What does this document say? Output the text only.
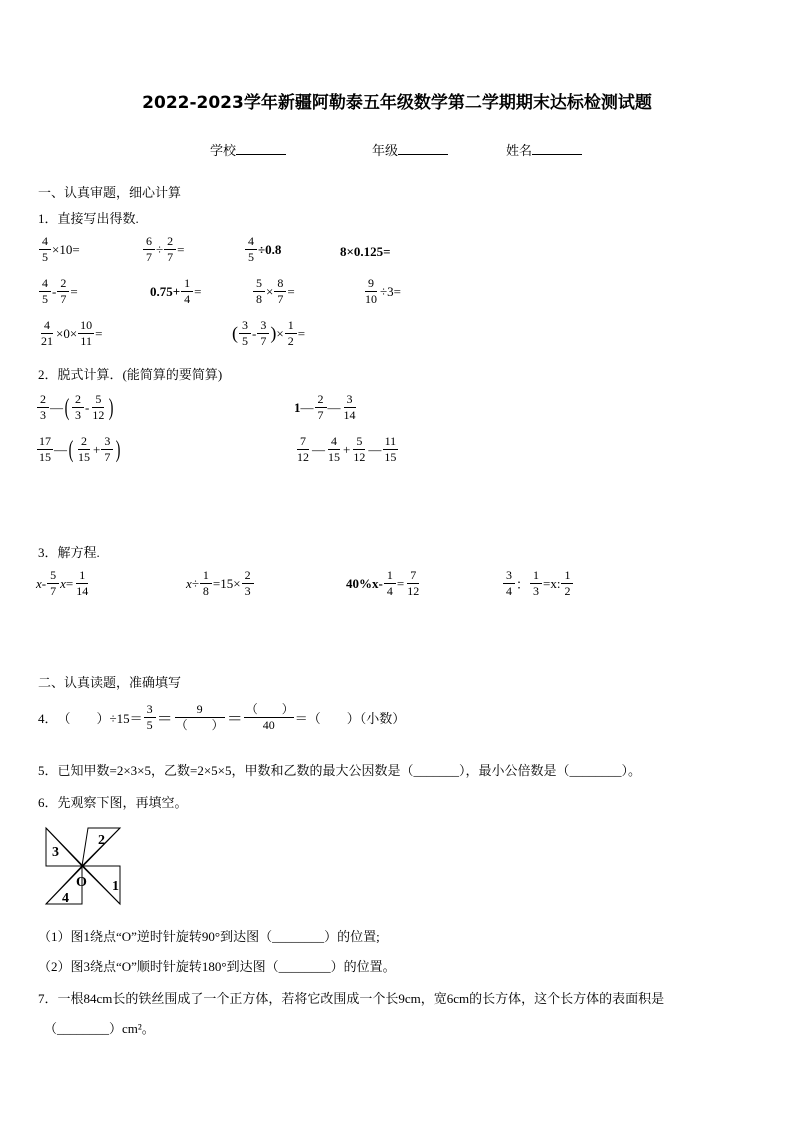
2022-2023学年新疆阿勒泰五年级数学第二学期期末达标检测试题
学校	年级	姓名
一、认真审题，细心计算
1．直接写出得数.
$\frac{4}{5} \times 10=$	$\frac{6}{7} \div \frac{2}{7}$ =	$\frac{4}{5} \div 0.8$	8×0.125=
$\frac{4}{5} - \frac{2}{7}$ =	$0.75+ \frac{1}{4}$ =	$\frac{5}{8} \times \frac{8}{7}$ =	$\frac{9}{10} \div 3=$
$\frac{4}{21} \times 0\times \frac{10}{11}$ =	( $\frac{3}{5} - \frac{3}{7}$ ) × $\frac{1}{2}$ =
2．脱式计算．(能简算的要简算)
$\frac{2}{3}$ — ( $\frac{2}{3} - \frac{5}{12}$ )	1 — $\frac{2}{7}$ — $\frac{3}{14}$
$\frac{17}{15}$ — ( $\frac{2}{15} + \frac{3}{7}$ )	$\frac{7}{12}$ — $\frac{4}{15} + \frac{5}{12}$ — $\frac{11}{15}$
3．解方程.
$x- \frac{5}{7}$ $x = \frac{1}{14}$	$x\div \frac{1}{8} =15\times \frac{2}{3}$	$40\%x- \frac{1}{4} = \frac{7}{12}$	$\frac{3}{4}$ ： $\frac{1}{3} =x$: $\frac{1}{2}$
二、认真读题，准确填写
4． （　　）$\div 15= \frac{3}{5} = \frac{9}{( )} = \frac{( )}{40}$ ＝（　　）（小数）
5．已知甲数=2×3×5，乙数=2×5×5，甲数和乙数的最大公因数是（_______），最小公倍数是（________）。
6．先观察下图，再填空。
3
2
O 1
4
（1）图1绕点“O”逆时针旋转90°到达图（________）的位置;
（2）图3绕点“O”顺时针旋转180°到达图（________）的位置。
7．一根84cm长的铁丝围成了一个正方体，若将它改围成一个长9cm，宽6cm的长方体，这个长方体的表面积是
（________）cm²。
